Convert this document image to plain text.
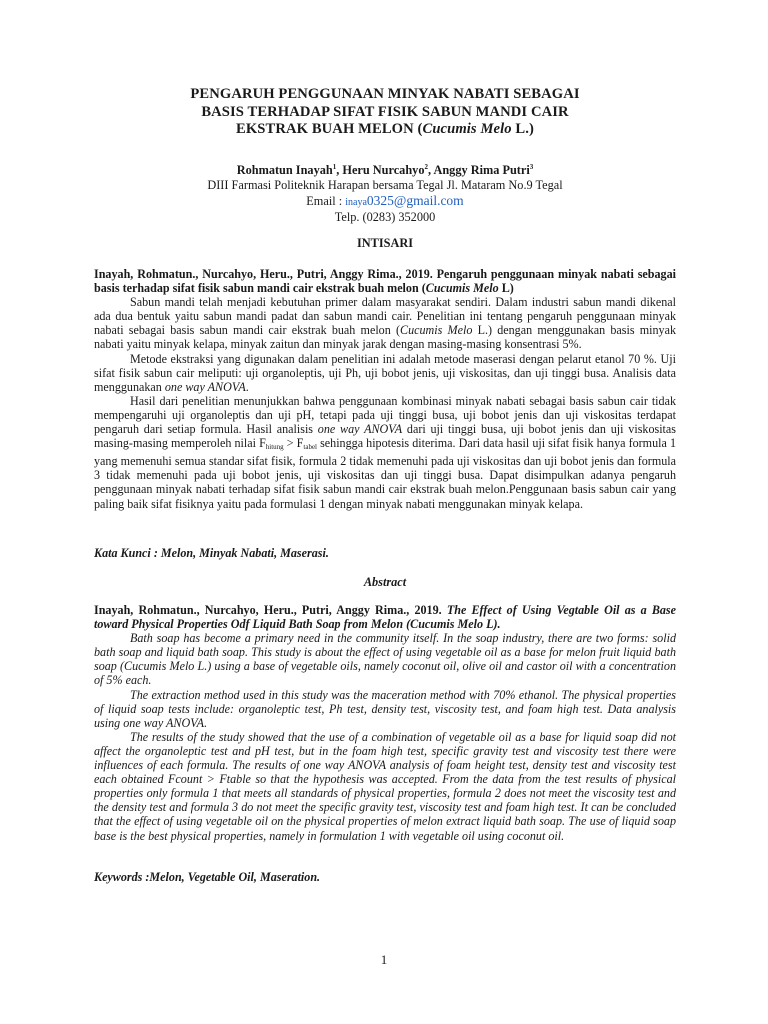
PENGARUH PENGGUNAAN MINYAK NABATI SEBAGAI
BASIS TERHADAP SIFAT FISIK SABUN MANDI CAIR
EKSTRAK BUAH MELON (Cucumis Melo L.)
Rohmatun Inayah$^1$, Heru Nurcahyo$^2$, Anggy Rima Putri$^3$
DIII Farmasi Politeknik Harapan bersama Tegal Jl. Mataram No.9 Tegal
Email : inaya0325@gmail.com
Telp. (0283) 352000
INTISARI

Inayah, Rohmatun., Nurcahyo, Heru., Putri, Anggy Rima., 2019. Pengaruh penggunaan minyak nabati sebagai basis terhadap sifat fisik sabun mandi cair ekstrak buah melon (Cucumis Melo L)

Sabun mandi telah menjadi kebutuhan primer dalam masyarakat sendiri. Dalam industri sabun mandi dikenal ada dua bentuk yaitu sabun mandi padat dan sabun mandi cair. Penelitian ini tentang pengaruh penggunaan minyak nabati sebagai basis sabun mandi cair ekstrak buah melon (Cucumis Melo L.) dengan menggunakan basis minyak nabati yaitu minyak kelapa, minyak zaitun dan minyak jarak dengan masing-masing konsentrasi 5%.

Metode ekstraksi yang digunakan dalam penelitian ini adalah metode maserasi dengan pelarut etanol 70 %. Uji sifat fisik sabun cair meliputi: uji organoleptis, uji Ph, uji bobot jenis, uji viskositas, dan uji tinggi busa. Analisis data menggunakan one way ANOVA.

Hasil dari penelitian menunjukkan bahwa penggunaan kombinasi minyak nabati sebagai basis sabun cair tidak mempengaruhi uji organoleptis dan uji pH, tetapi pada uji tinggi busa, uji bobot jenis dan uji viskositas terdapat pengaruh dari setiap formula. Hasil analisis one way ANOVA dari uji tinggi busa, uji bobot jenis dan uji viskositas masing-masing memperoleh nilai $F_{hitung} > F_{tabel}$ sehingga hipotesis diterima. Dari data hasil uji sifat fisik hanya formula 1 yang memenuhi semua standar sifat fisik, formula 2 tidak memenuhi pada uji viskositas dan uji bobot jenis dan formula 3 tidak memenuhi pada uji bobot jenis, uji viskositas dan uji tinggi busa. Dapat disimpulkan adanya pengaruh penggunaan minyak nabati terhadap sifat fisik sabun mandi cair ekstrak buah melon.Penggunaan basis sabun cair yang paling baik sifat fisiknya yaitu pada formulasi 1 dengan minyak nabati menggunakan minyak kelapa.

Kata Kunci : Melon, Minyak Nabati, Maserasi.
Abstract

Inayah, Rohmatun., Nurcahyo, Heru., Putri, Anggy Rima., 2019. The Effect of Using Vegtable Oil as a Base toward Physical Properties Odf Liquid Bath Soap from Melon (Cucumis Melo L).

Bath soap has become a primary need in the community itself. In the soap industry, there are two forms: solid bath soap and liquid bath soap. This study is about the effect of using vegetable oil as a base for melon fruit liquid bath soap (Cucumis Melo L.) using a base of vegetable oils, namely coconut oil, olive oil and castor oil with a concentration of 5% each.

The extraction method used in this study was the maceration method with 70% ethanol. The physical properties of liquid soap tests include: organoleptic test, Ph test, density test, viscosity test, and foam high test. Data analysis using one way ANOVA.

The results of the study showed that the use of a combination of vegetable oil as a base for liquid soap did not affect the organoleptic test and pH test, but in the foam high test, specific gravity test and viscosity test there were influences of each formula. The results of one way ANOVA analysis of foam height test, density test and viscosity test each obtained Fcount > Ftable so that the hypothesis was accepted. From the data from the test results of physical properties only formula 1 that meets all standards of physical properties, formula 2 does not meet the viscosity test and the density test and formula 3 do not meet the specific gravity test, viscosity test and foam high test. It can be concluded that the effect of using vegetable oil on the physical properties of melon extract liquid bath soap. The use of liquid soap base is the best physical properties, namely in formulation 1 with vegetable oil using coconut oil.

Keywords :Melon, Vegetable Oil, Maseration.
1
